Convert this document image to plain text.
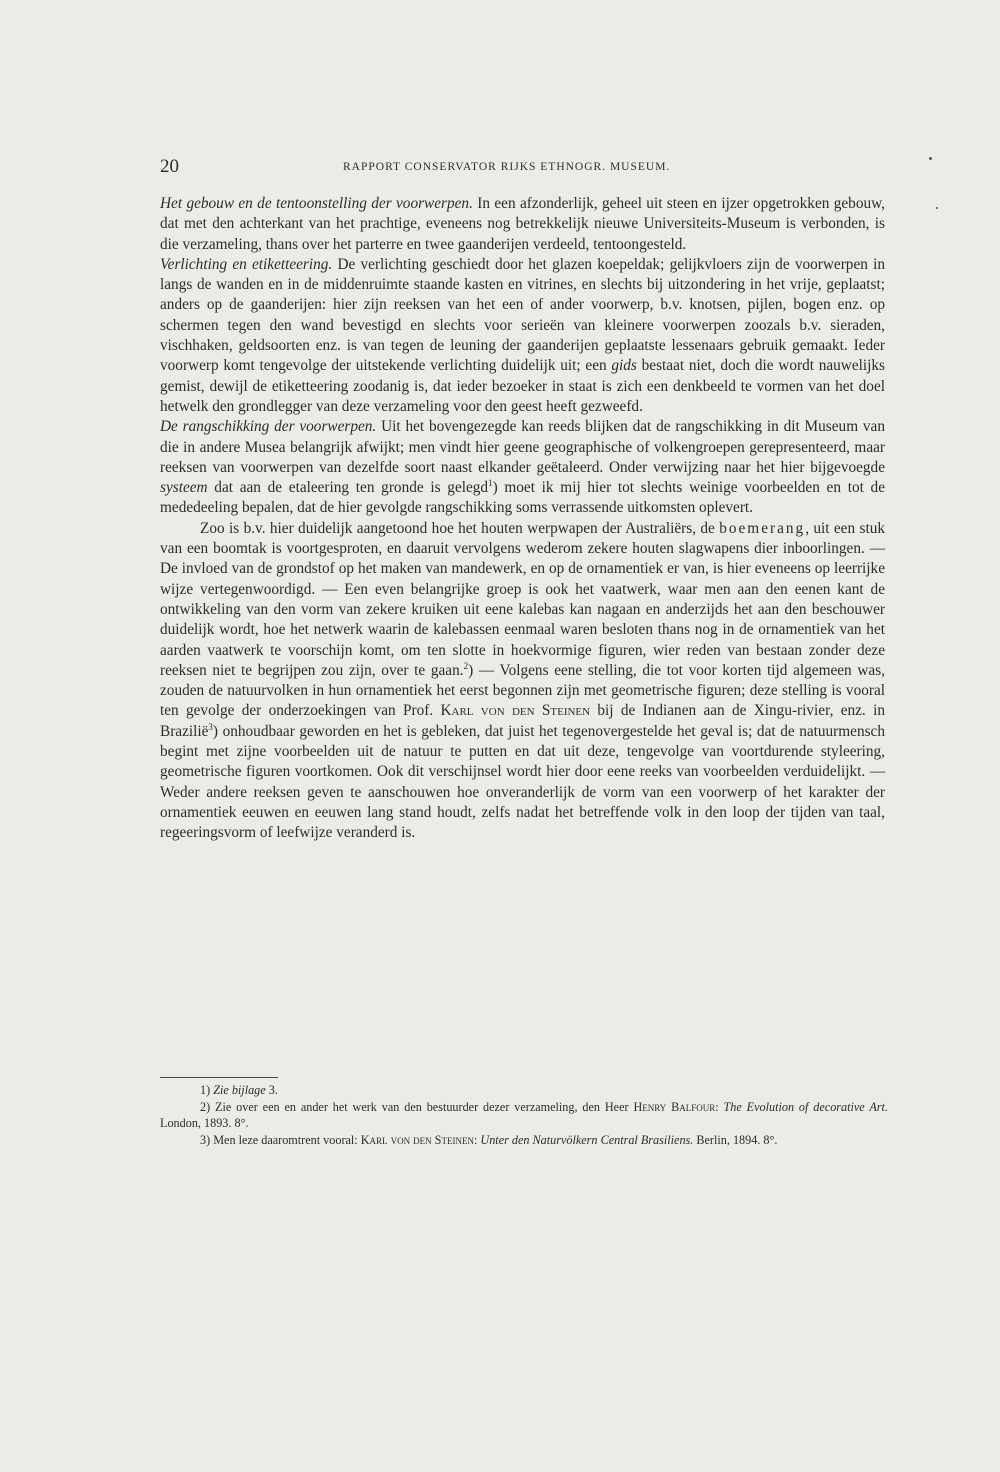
20	RAPPORT CONSERVATOR RIJKS ETHNOGR. MUSEUM.

Het gebouw en de tentoonstelling der voorwerpen. In een afzonderlijk, geheel uit steen en ijzer opgetrokken gebouw, dat met den achterkant van het prachtige, eveneens nog betrekkelijk nieuwe Universiteits-Museum is verbonden, is die verzameling, thans over het parterre en twee gaanderijen verdeeld, tentoongesteld.

Verlichting en etiketteering. De verlichting geschiedt door het glazen koepeldak; gelijkvloers zijn de voorwerpen in langs de wanden en in de middenruimte staande kasten en vitrines, en slechts bij uitzondering in het vrije, geplaatst; anders op de gaanderijen: hier zijn reeksen van het een of ander voorwerp, b.v. knotsen, pijlen, bogen enz. op schermen tegen den wand bevestigd en slechts voor serieën van kleinere voorwerpen zoozals b.v. sieraden, vischhaken, geldsoorten enz. is van tegen de leuning der gaanderijen geplaatste lessenaars gebruik gemaakt. Ieder voorwerp komt tengevolge der uitstekende verlichting duidelijk uit; een gids bestaat niet, doch die wordt nauwelijks gemist, dewijl de etiketteering zoodanig is, dat ieder bezoeker in staat is zich een denkbeeld te vormen van het doel hetwelk den grondlegger van deze verzameling voor den geest heeft gezweefd.

De rangschikking der voorwerpen. Uit het bovengezegde kan reeds blijken dat de rangschikking in dit Museum van die in andere Musea belangrijk afwijkt; men vindt hier geene geographische of volkengroepen gerepresenteerd, maar reeksen van voorwerpen van dezelfde soort naast elkander geëtaleerd. Onder verwijzing naar het hier bijgevoegde systeem dat aan de etaleering ten gronde is gelegd$^1$) moet ik mij hier tot slechts weinige voorbeelden en tot de mededeeling bepalen, dat de hier gevolgde rangschikking soms verrassende uitkomsten oplevert.

Zoo is b.v. hier duidelijk aangetoond hoe het houten werpwapen der Australiërs, de boemerang, uit een stuk van een boomtak is voortgesproten, en daaruit vervolgens wederom zekere houten slagwapens dier inboorlingen. — De invloed van de grondstof op het maken van mandewerk, en op de ornamentiek er van, is hier eveneens op leerrijke wijze vertegenwoordigd. — Een even belangrijke groep is ook het vaatwerk, waar men aan den eenen kant de ontwikkeling van den vorm van zekere kruiken uit eene kalebas kan nagaan en anderzijds het aan den beschouwer duidelijk wordt, hoe het netwerk waarin de kalebassen eenmaal waren besloten thans nog in de ornamentiek van het aarden vaatwerk te voorschijn komt, om ten slotte in hoekvormige figuren, wier reden van bestaan zonder deze reeksen niet te begrijpen zou zijn, over te gaan.$^2$) — Volgens eene stelling, die tot voor korten tijd algemeen was, zouden de natuurvolken in hun ornamentiek het eerst begonnen zijn met geometrische figuren; deze stelling is vooral ten gevolge der onderzoekingen van Prof. Karl von den Steinen bij de Indianen aan de Xingu-rivier, enz. in Brazilië$^3$) onhoudbaar geworden en het is gebleken, dat juist het tegenovergestelde het geval is; dat de natuurmensch begint met zijne voorbeelden uit de natuur te putten en dat uit deze, tengevolge van voortdurende styleering, geometrische figuren voortkomen. Ook dit verschijnsel wordt hier door eene reeks van voorbeelden verduidelijkt. — Weder andere reeksen geven te aanschouwen hoe onveranderlijk de vorm van een voorwerp of het karakter der ornamentiek eeuwen en eeuwen lang stand houdt, zelfs nadat het betreffende volk in den loop der tijden van taal, regeeringsvorm of leefwijze veranderd is.

1) Zie bijlage 3.

2) Zie over een en ander het werk van den bestuurder dezer verzameling, den Heer Henry Balfour: The Evolution of decorative Art. London, 1893. 8°.

3) Men leze daaromtrent vooral: Karl von den Steinen: Unter den Naturvölkern Central Brasiliens. Berlin, 1894. 8°.
